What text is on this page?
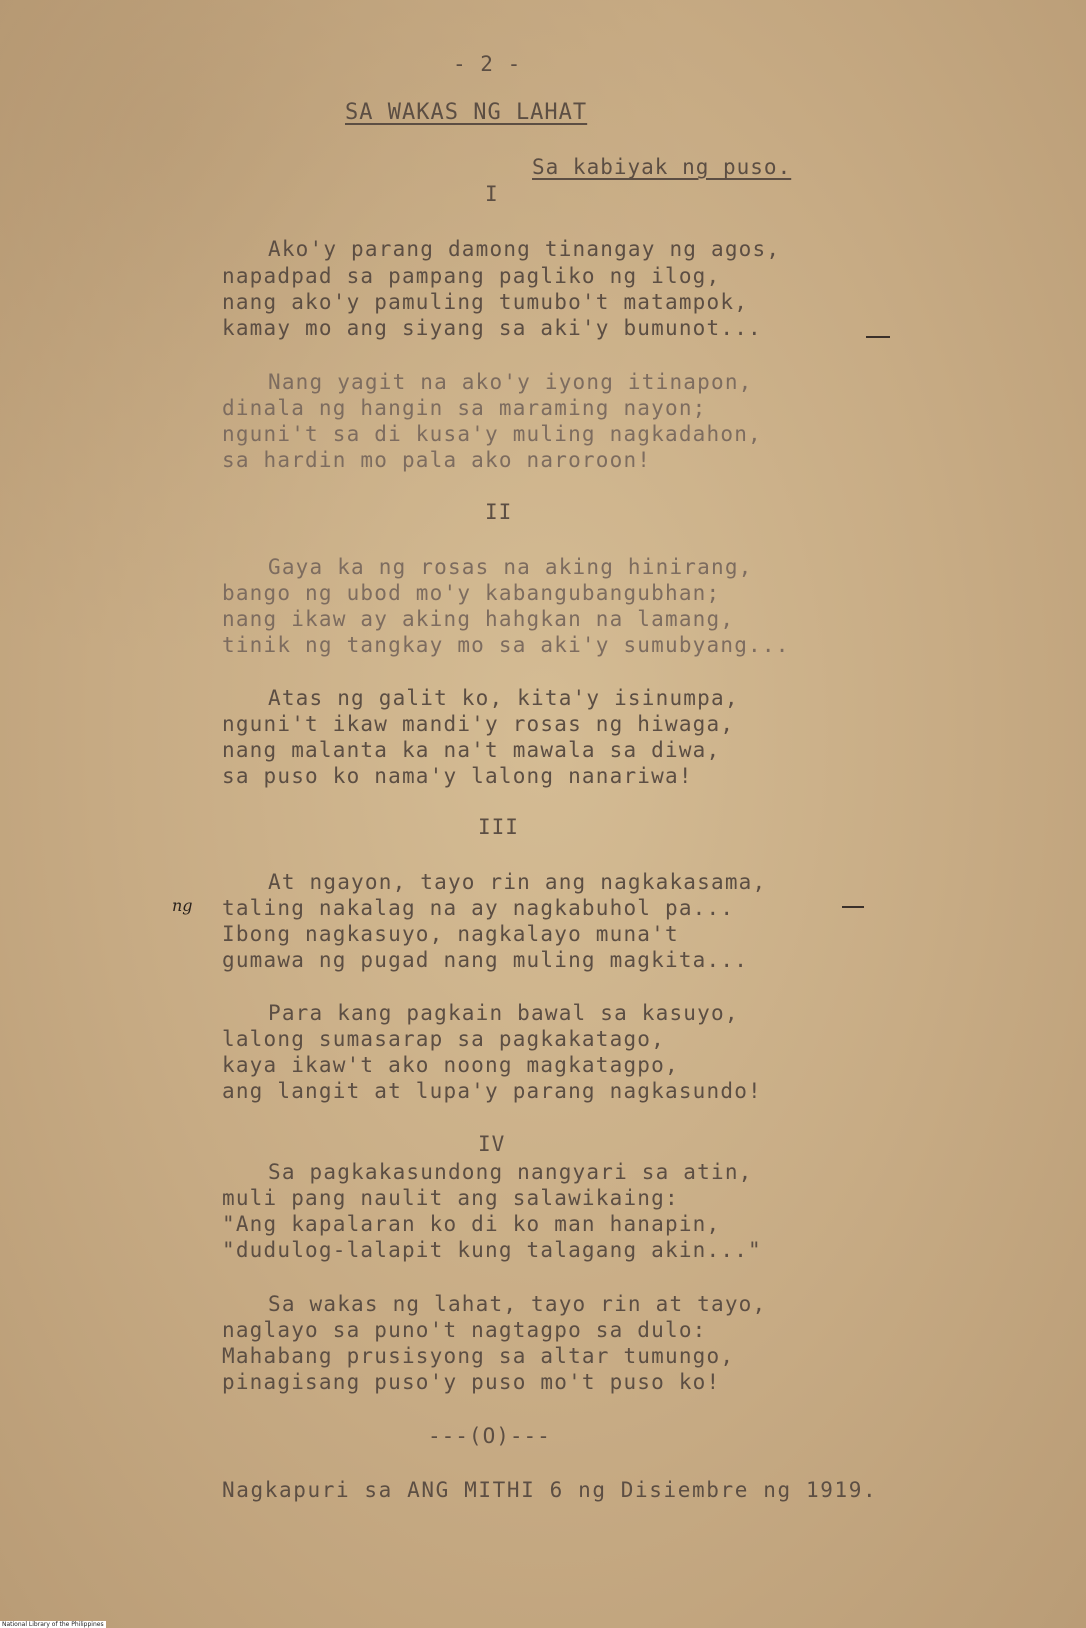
- 2 -
SA WAKAS NG LAHAT
Sa kabiyak ng puso.
I
Ako'y parang damong tinangay ng agos,
napadpad sa pampang pagliko ng ilog,
nang ako'y pamuling tumubo't matampok,
kamay mo ang siyang sa aki'y bumunot...
Nang yagit na ako'y iyong itinapon,
dinala ng hangin sa maraming nayon;
nguni't sa di kusa'y muling nagkadahon,
sa hardin mo pala ako naroroon!
II
Gaya ka ng rosas na aking hinirang,
bango ng ubod mo'y kabangubangubhan;
nang ikaw ay aking hahgkan na lamang,
tinik ng tangkay mo sa aki'y sumubyang...
Atas ng galit ko, kita'y isinumpa,
nguni't ikaw mandi'y rosas ng hiwaga,
nang malanta ka na't mawala sa diwa,
sa puso ko nama'y lalong nanariwa!
III
At ngayon, tayo rin ang nagkakasama,
ng taling nakalag na ay nagkabuhol pa...
Ibong nagkasuyo, nagkalayo muna't
gumawa ng pugad nang muling magkita...
Para kang pagkain bawal sa kasuyo,
lalong sumasarap sa pagkakatago,
kaya ikaw't ako noong magkatagpo,
ang langit at lupa'y parang nagkasundo!
IV
Sa pagkakasundong nangyari sa atin,
muli pang naulit ang salawikaing:
"Ang kapalaran ko di ko man hanapin,
"dudulog-lalapit kung talagang akin..."
Sa wakas ng lahat, tayo rin at tayo,
naglayo sa puno't nagtagpo sa dulo:
Mahabang prusisyong sa altar tumungo,
pinagisang puso'y puso mo't puso ko!
---(O)---
Nagkapuri sa ANG MITHI 6 ng Disiembre ng 1919.
National Library of the Philippines
